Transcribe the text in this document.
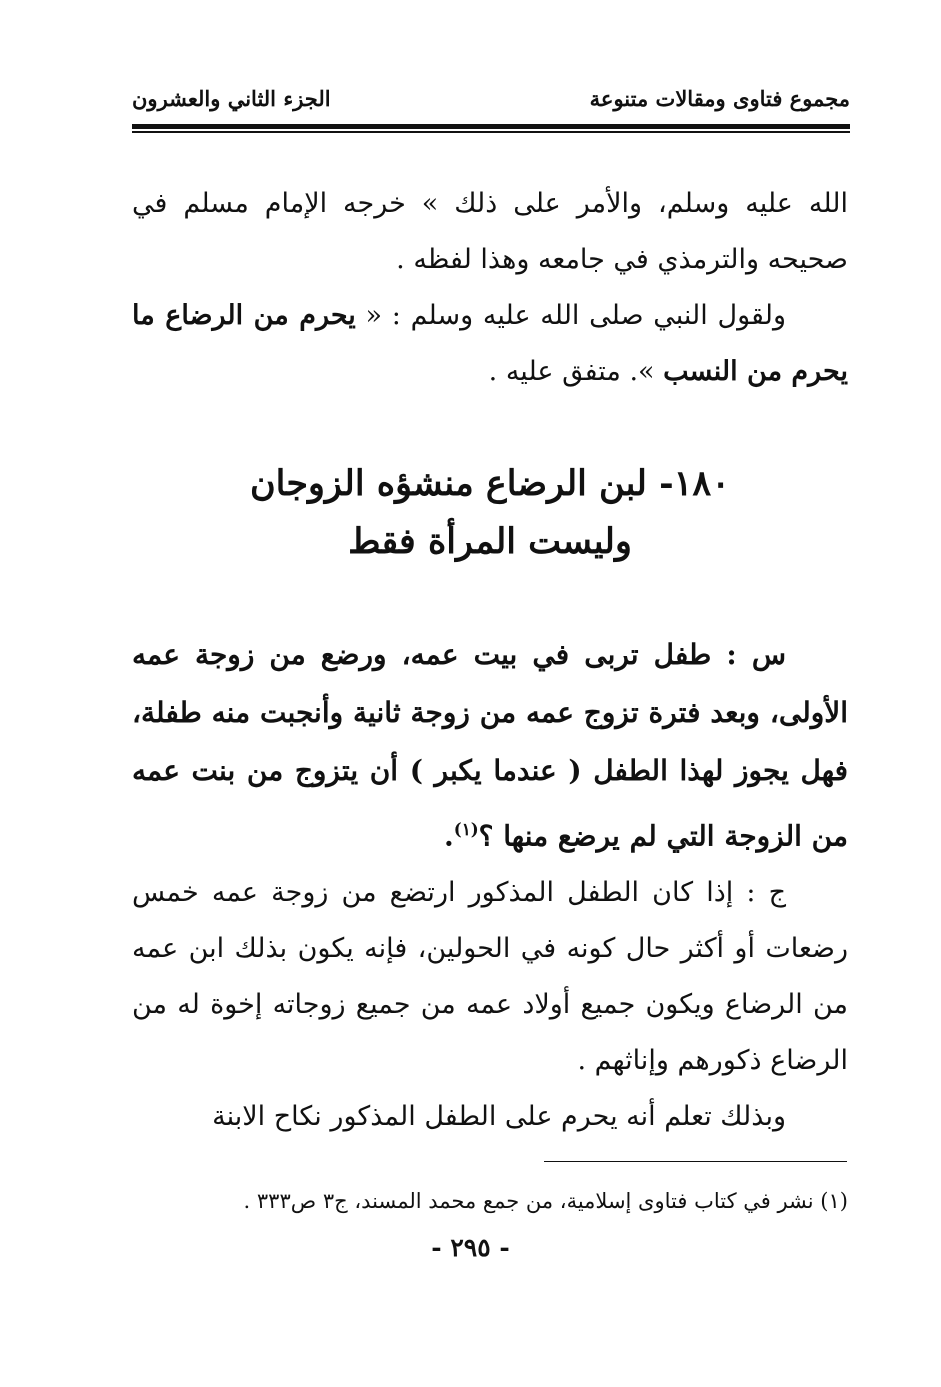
مجموع فتاوى ومقالات متنوعة
الجزء الثاني والعشرون

الله عليه وسلم، والأمر على ذلك » خرجه الإمام مسلم في صحيحه والترمذي في جامعه وهذا لفظه .

ولقول النبي صلى الله عليه وسلم : « يحرم من الرضاع ما يحرم من النسب ». متفق عليه .

١٨٠- لبن الرضاع منشؤه الزوجان
وليست المرأة فقط

س : طفل تربى في بيت عمه، ورضع من زوجة عمه الأولى، وبعد فترة تزوج عمه من زوجة ثانية وأنجبت منه طفلة، فهل يجوز لهذا الطفل ( عندما يكبر ) أن يتزوج من بنت عمه من الزوجة التي لم يرضع منها ؟$^{(١)}$.

ج : إذا كان الطفل المذكور ارتضع من زوجة عمه خمس رضعات أو أكثر حال كونه في الحولين، فإنه يكون بذلك ابن عمه من الرضاع ويكون جميع أولاد عمه من جميع زوجاته إخوة له من الرضاع ذكورهم وإناثهم .

وبذلك تعلم أنه يحرم على الطفل المذكور نكاح الابنة

(١) نشر في كتاب فتاوى إسلامية، من جمع محمد المسند، ج٣ ص٣٣٣ .
- ٢٩٥ -
